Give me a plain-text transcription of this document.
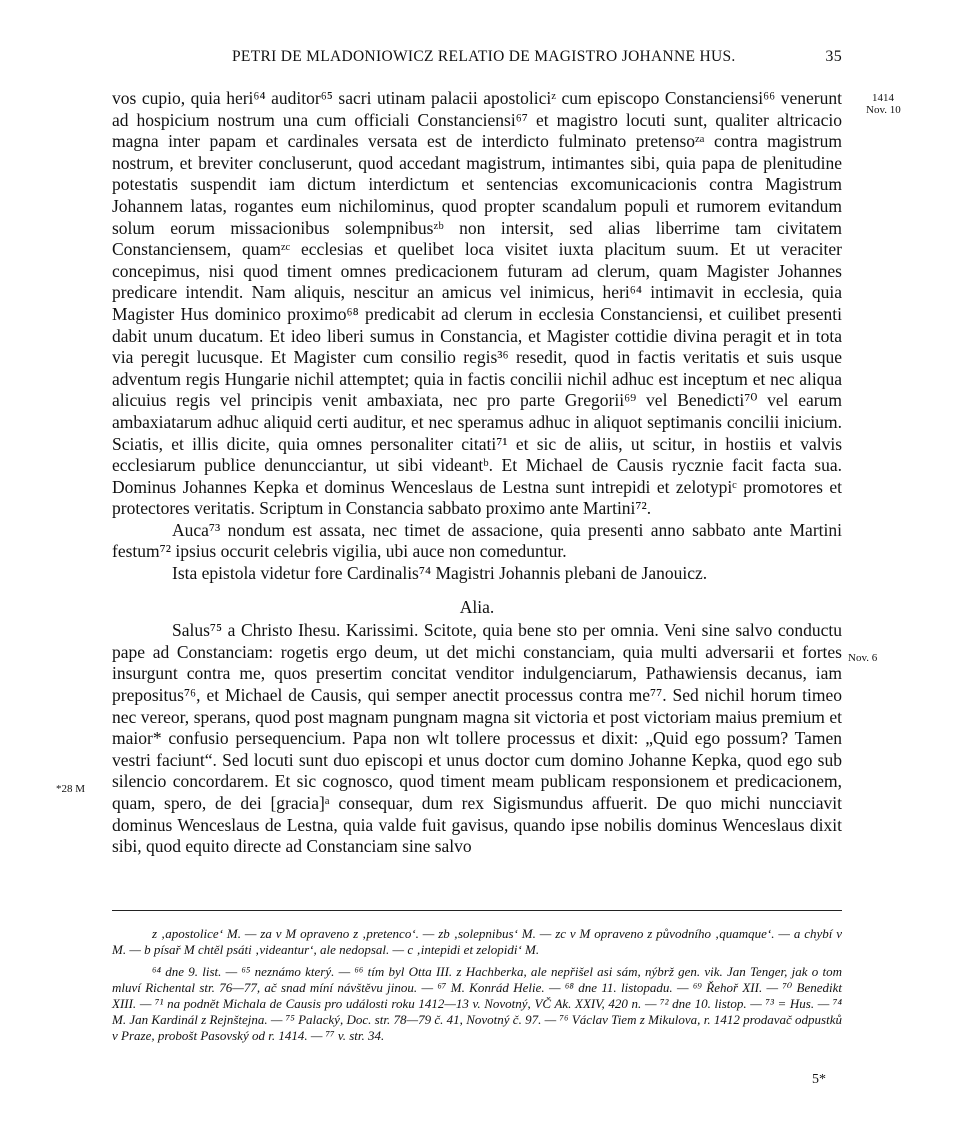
PETRI DE MLADONIOWICZ RELATIO DE MAGISTRO JOHANNE HUS.	35
1414
Nov. 10
Nov. 6
*28 M

vos cupio, quia heri⁶⁴ auditor⁶⁵ sacri utinam palacii apostoliciᶻ cum episcopo Constanciensi⁶⁶ venerunt ad hospicium nostrum una cum officiali Constanciensi⁶⁷ et magistro locuti sunt, qualiter altricacio magna inter papam et cardinales versata est de interdicto fulminato pretensoᶻᵃ contra magistrum nostrum, et breviter concluserunt, quod accedant magistrum, intimantes sibi, quia papa de plenitudine potestatis suspendit iam dictum interdictum et sentencias excomunicacionis contra Magistrum Johannem latas, rogantes eum nichilominus, quod propter scandalum populi et rumorem evitandum solum eorum missacionibus solempnibusᶻᵇ non intersit, sed alias liberrime tam civitatem Constanciensem, quamᶻᶜ ecclesias et quelibet loca visitet iuxta placitum suum. Et ut veraciter concepimus, nisi quod timent omnes predicacionem futuram ad clerum, quam Magister Johannes predicare intendit. Nam aliquis, nescitur an amicus vel inimicus, heri⁶⁴ intimavit in ecclesia, quia Magister Hus dominico proximo⁶⁸ predicabit ad clerum in ecclesia Constanciensi, et cuilibet presenti dabit unum ducatum. Et ideo liberi sumus in Constancia, et Magister cottidie divina peragit et in tota via peregit lucusque. Et Magister cum consilio regis³⁶ resedit, quod in factis veritatis et suis usque adventum regis Hungarie nichil attemptet; quia in factis concilii nichil adhuc est inceptum et nec aliqua alicuius regis vel principis venit ambaxiata, nec pro parte Gregorii⁶⁹ vel Benedicti⁷⁰ vel earum ambaxiatarum adhuc aliquid certi auditur, et nec speramus adhuc in aliquot septimanis concilii inicium. Sciatis, et illis dicite, quia omnes personaliter citati⁷¹ et sic de aliis, ut scitur, in hostiis et valvis ecclesiarum publice denuncciantur, ut sibi videantᵇ. Et Michael de Causis rycznie facit facta sua. Dominus Johannes Kepka et dominus Wenceslaus de Lestna sunt intrepidi et zelotypiᶜ promotores et protectores veritatis. Scriptum in Constancia sabbato proximo ante Martini⁷².

Auca⁷³ nondum est assata, nec timet de assacione, quia presenti anno sabbato ante Martini festum⁷² ipsius occurit celebris vigilia, ubi auce non comeduntur.

Ista epistola videtur fore Cardinalis⁷⁴ Magistri Johannis plebani de Janouicz.

Alia.

Salus⁷⁵ a Christo Ihesu. Karissimi. Scitote, quia bene sto per omnia. Veni sine salvo conductu pape ad Constanciam: rogetis ergo deum, ut det michi constanciam, quia multi adversarii et fortes insurgunt contra me, quos presertim concitat venditor indulgenciarum, Pathawiensis decanus, iam prepositus⁷⁶, et Michael de Causis, qui semper anectit processus contra me⁷⁷. Sed nichil horum timeo nec vereor, sperans, quod post magnam pungnam magna sit victoria et post victoriam maius premium et maior* confusio persequencium. Papa non wlt tollere processus et dixit: „Quid ego possum? Tamen vestri faciunt“. Sed locuti sunt duo episcopi et unus doctor cum domino Johanne Kepka, quod ego sub silencio concordarem. Et sic cognosco, quod timent meam publicam responsionem et predicacionem, quam, spero, de dei [gracia]ᵃ consequar, dum rex Sigismundus affuerit. De quo michi nuncciavit dominus Wenceslaus de Lestna, quia valde fuit gavisus, quando ipse nobilis dominus Wenceslaus dixit sibi, quod equito directe ad Constanciam sine salvo

z ‚apostolice‘ M. — za v M opraveno z ‚pretenco‘. — zb ‚solepnibus‘ M. — zc v M opraveno z původního ‚quamque‘. — a chybí v M. — b písař M chtěl psáti ‚videantur‘, ale nedopsal. — c ‚intepidi et zelopidi‘ M.

⁶⁴ dne 9. list. — ⁶⁵ neznámo který. — ⁶⁶ tím byl Otta III. z Hachberka, ale nepřišel asi sám, nýbrž gen. vik. Jan Tenger, jak o tom mluví Richental str. 76—77, ač snad míní návštěvu jinou. — ⁶⁷ M. Konrád Helie. — ⁶⁸ dne 11. listopadu. — ⁶⁹ Řehoř XII. — ⁷⁰ Benedikt XIII. — ⁷¹ na podnět Michala de Causis pro události roku 1412—13 v. Novotný, VČ Ak. XXIV, 420 n. — ⁷² dne 10. listop. — ⁷³ = Hus. — ⁷⁴ M. Jan Kardinál z Rejnštejna. — ⁷⁵ Palacký, Doc. str. 78—79 č. 41, Novotný č. 97. — ⁷⁶ Václav Tiem z Mikulova, r. 1412 prodavač odpustků v Praze, probošt Pasovský od r. 1414. — ⁷⁷ v. str. 34.

5*
